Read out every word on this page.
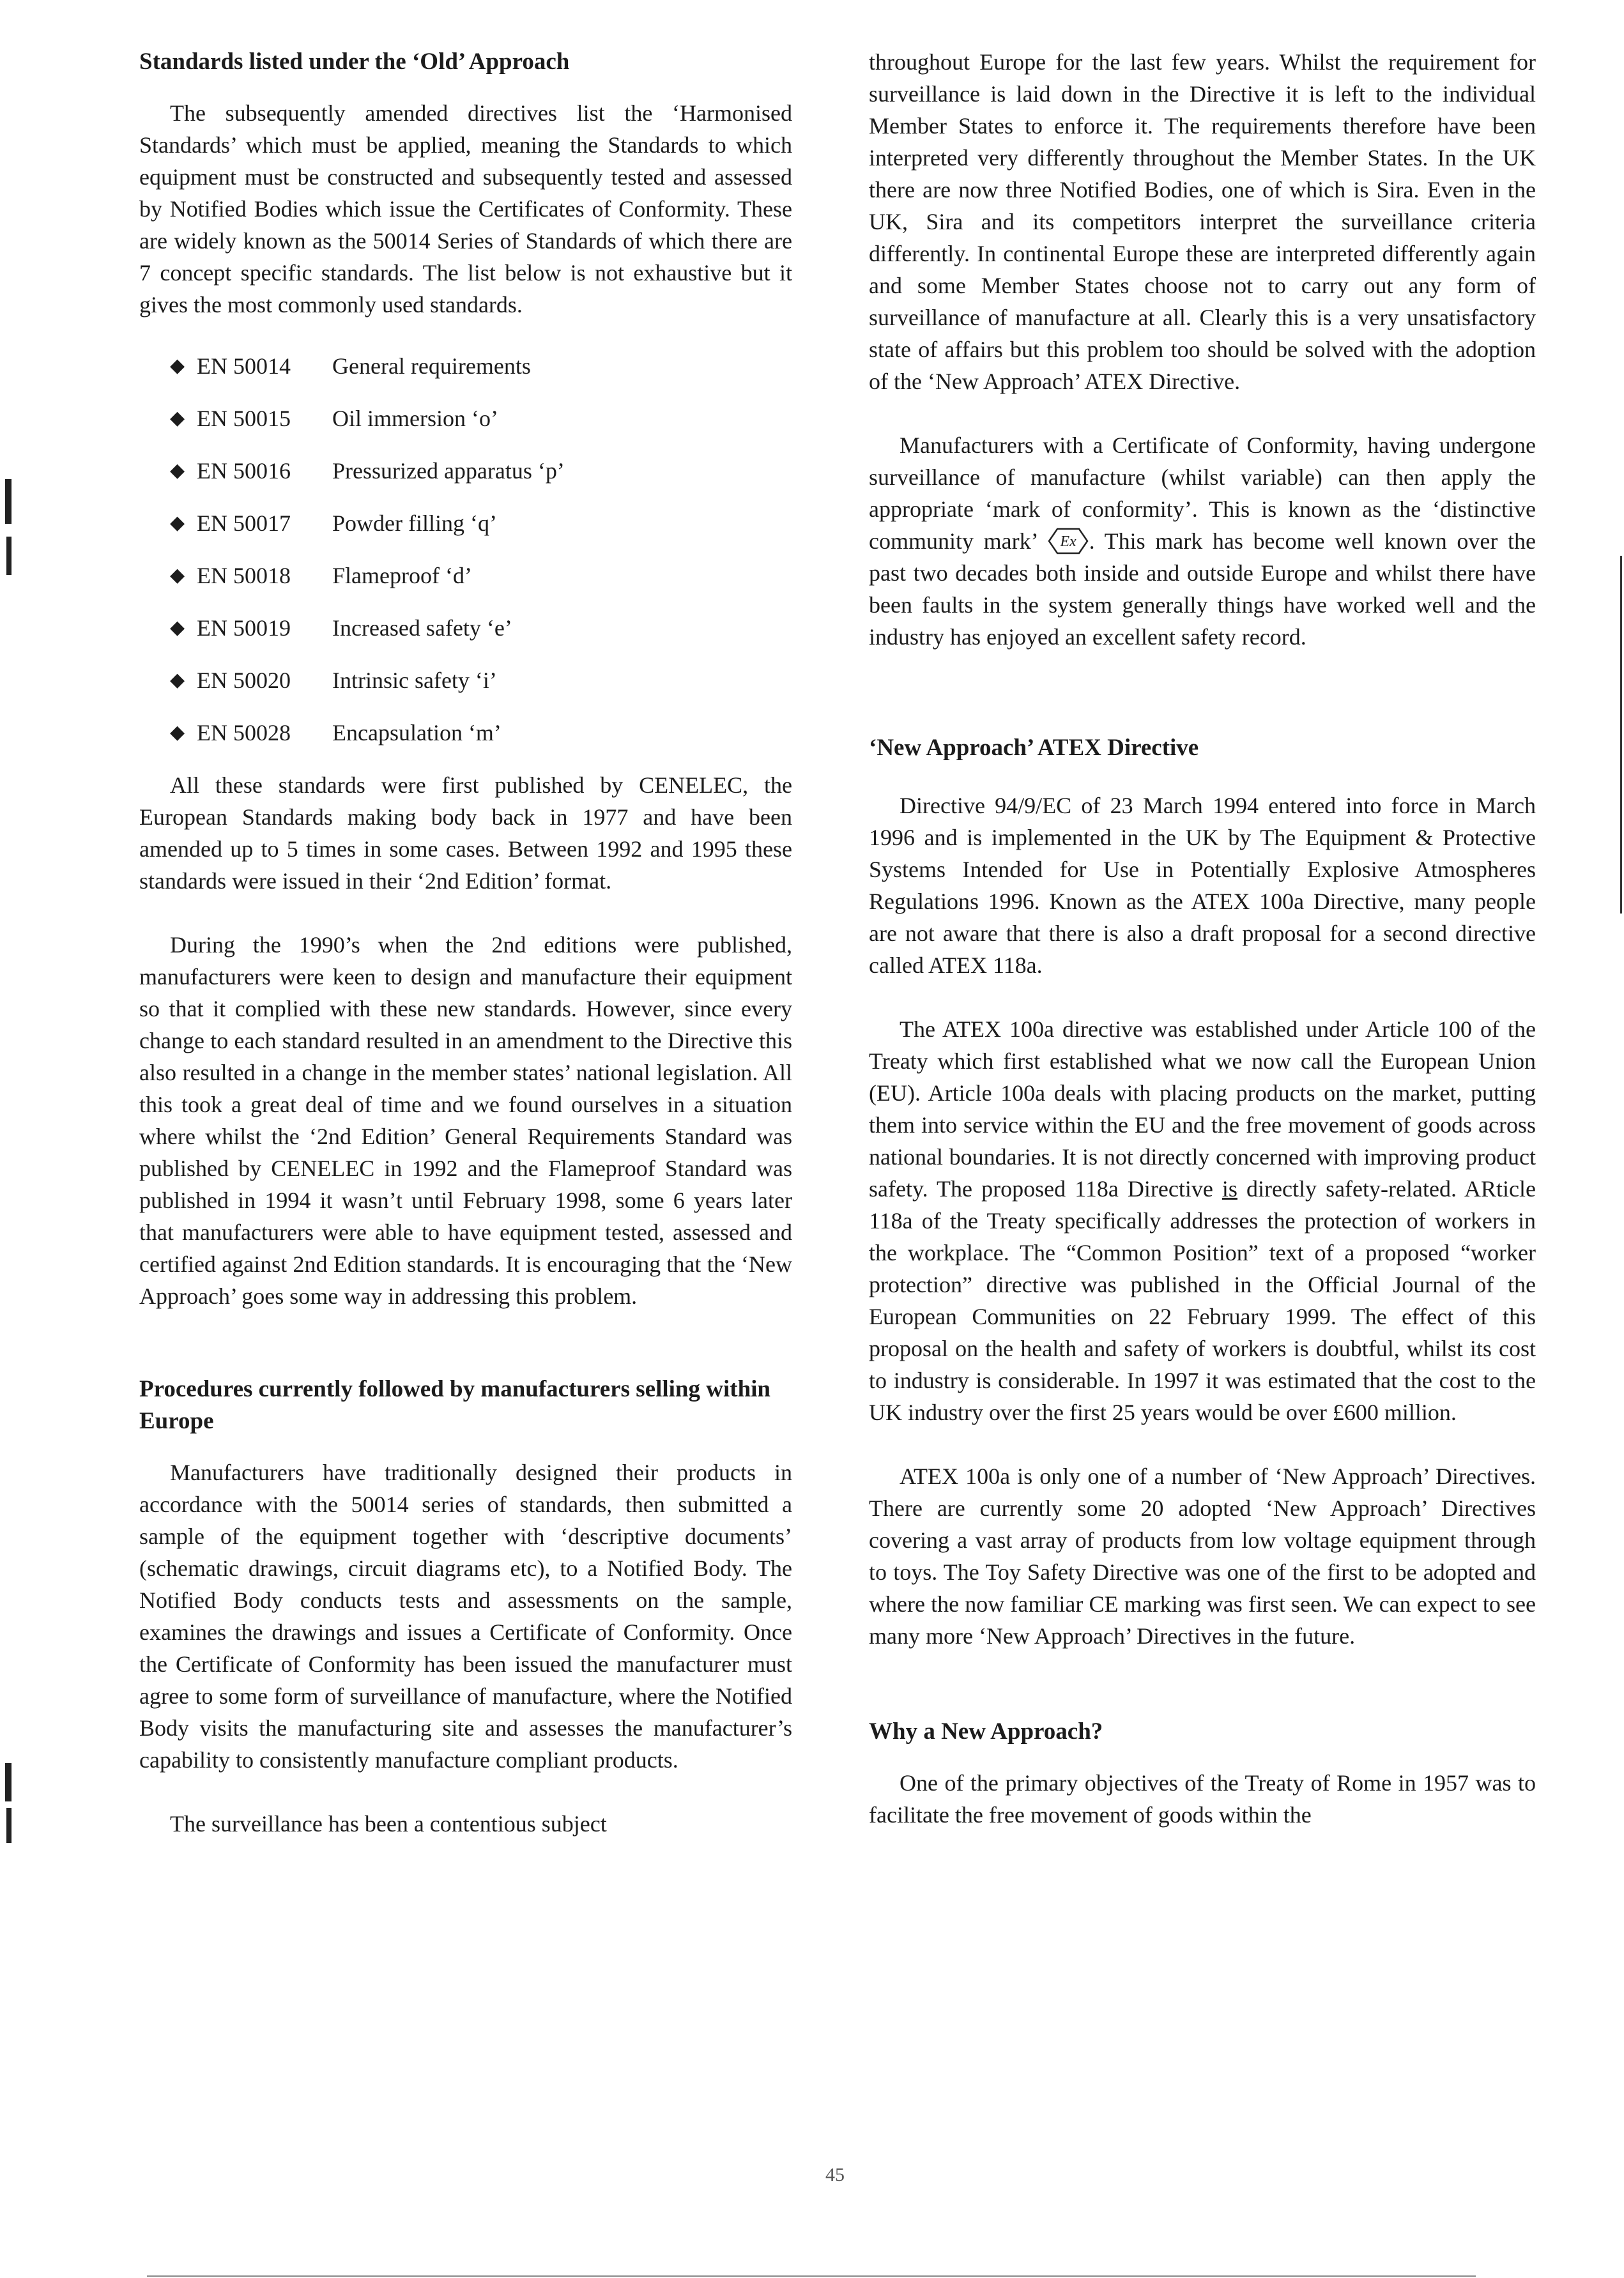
Standards listed under the ‘Old’ Approach

The subsequently amended directives list the ‘Harmonised Standards’ which must be applied, meaning the Standards to which equipment must be constructed and subsequently tested and assessed by Notified Bodies which issue the Certificates of Conformity. These are widely known as the 50014 Series of Standards of which there are 7 concept specific standards. The list below is not exhaustive but it gives the most commonly used standards.

◆ EN 50014	General requirements
◆ EN 50015	Oil immersion ‘o’
◆ EN 50016	Pressurized apparatus ‘p’
◆ EN 50017	Powder filling ‘q’
◆ EN 50018	Flameproof ‘d’
◆ EN 50019	Increased safety ‘e’
◆ EN 50020	Intrinsic safety ‘i’
◆ EN 50028	Encapsulation ‘m’

All these standards were first published by CENELEC, the European Standards making body back in 1977 and have been amended up to 5 times in some cases. Between 1992 and 1995 these standards were issued in their ‘2nd Edition’ format.

During the 1990’s when the 2nd editions were published, manufacturers were keen to design and manufacture their equipment so that it complied with these new standards. However, since every change to each standard resulted in an amendment to the Directive this also resulted in a change in the member states’ national legislation. All this took a great deal of time and we found ourselves in a situation where whilst the ‘2nd Edition’ General Requirements Standard was published by CENELEC in 1992 and the Flameproof Standard was published in 1994 it wasn’t until February 1998, some 6 years later that manufacturers were able to have equipment tested, assessed and certified against 2nd Edition standards. It is encouraging that the ‘New Approach’ goes some way in addressing this problem.

Procedures currently followed by manufacturers selling within Europe

Manufacturers have traditionally designed their products in accordance with the 50014 series of standards, then submitted a sample of the equipment together with ‘descriptive documents’ (schematic drawings, circuit diagrams etc), to a Notified Body. The Notified Body conducts tests and assessments on the sample, examines the drawings and issues a Certificate of Conformity. Once the Certificate of Conformity has been issued the manufacturer must agree to some form of surveillance of manufacture, where the Notified Body visits the manufacturing site and assesses the manufacturer’s capability to consistently manufacture compliant products.

The surveillance has been a contentious subject

throughout Europe for the last few years. Whilst the requirement for surveillance is laid down in the Directive it is left to the individual Member States to enforce it. The requirements therefore have been interpreted very differently throughout the Member States. In the UK there are now three Notified Bodies, one of which is Sira. Even in the UK, Sira and its competitors interpret the surveillance criteria differently. In continental Europe these are interpreted differently again and some Member States choose not to carry out any form of surveillance of manufacture at all. Clearly this is a very unsatisfactory state of affairs but this problem too should be solved with the adoption of the ‘New Approach’ ATEX Directive.

Manufacturers with a Certificate of Conformity, having undergone surveillance of manufacture (whilst variable) can then apply the appropriate ‘mark of conformity’. This is known as the ‘distinctive community mark’ Ex . This mark has become well known over the past two decades both inside and outside Europe and whilst there have been faults in the system generally things have worked well and the industry has enjoyed an excellent safety record.

‘New Approach’ ATEX Directive

Directive 94/9/EC of 23 March 1994 entered into force in March 1996 and is implemented in the UK by The Equipment & Protective Systems Intended for Use in Potentially Explosive Atmospheres Regulations 1996. Known as the ATEX 100a Directive, many people are not aware that there is also a draft proposal for a second directive called ATEX 118a.

The ATEX 100a directive was established under Article 100 of the Treaty which first established what we now call the European Union (EU). Article 100a deals with placing products on the market, putting them into service within the EU and the free movement of goods across national boundaries. It is not directly concerned with improving product safety. The proposed 118a Directive is directly safety-related. ARticle 118a of the Treaty specifically addresses the protection of workers in the workplace. The “Common Position” text of a proposed “worker protection” directive was published in the Official Journal of the European Communities on 22 February 1999. The effect of this proposal on the health and safety of workers is doubtful, whilst its cost to industry is considerable. In 1997 it was estimated that the cost to the UK industry over the first 25 years would be over £600 million.

ATEX 100a is only one of a number of ‘New Approach’ Directives. There are currently some 20 adopted ‘New Approach’ Directives covering a vast array of products from low voltage equipment through to toys. The Toy Safety Directive was one of the first to be adopted and where the now familiar CE marking was first seen. We can expect to see many more ‘New Approach’ Directives in the future.

Why a New Approach?

One of the primary objectives of the Treaty of Rome in 1957 was to facilitate the free movement of goods within the

45
